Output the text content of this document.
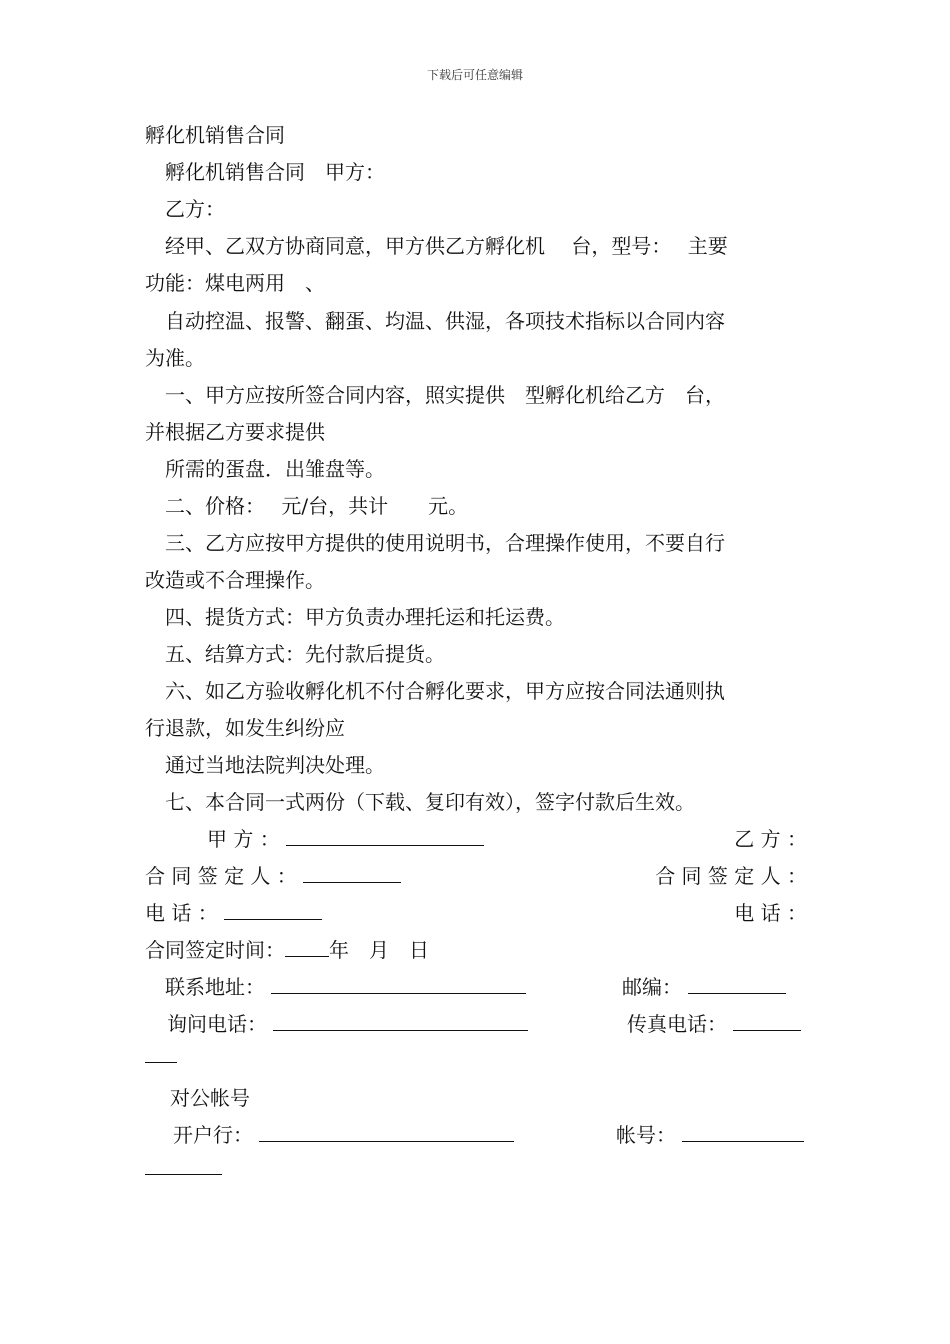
下载后可任意编辑
孵化机销售合同
孵化机销售合同　甲方：
乙方：
经甲、乙双方协商同意，甲方供乙方孵化机　 台，型号：　 主要
功能：煤电两用　、
自动控温、报警、翻蛋、均温、供湿，各项技术指标以合同内容
为准。
一、甲方应按所签合同内容，照实提供　型孵化机给乙方　台，
并根据乙方要求提供
所需的蛋盘．出雏盘等。
二、价格：　 元/台，共计　　元。
三、乙方应按甲方提供的使用说明书，合理操作使用，不要自行
改造或不合理操作。
四、提货方式：甲方负责办理托运和托运费。
五、结算方式：先付款后提货。
六、如乙方验收孵化机不付合孵化要求，甲方应按合同法通则执
行退款，如发生纠纷应
通过当地法院判决处理。
七、本合同一式两份（下载、复印有效），签字付款后生效。
甲 方 ：	乙 方 ：
合 同 签 定 人 ：	合 同 签 定 人 ：
电 话 ：	电 话 ：
合同签定时间： 年  月  日
联系地址：	邮编：
询问电话：	传真电话：
对公帐号
开户行：	帐号：
